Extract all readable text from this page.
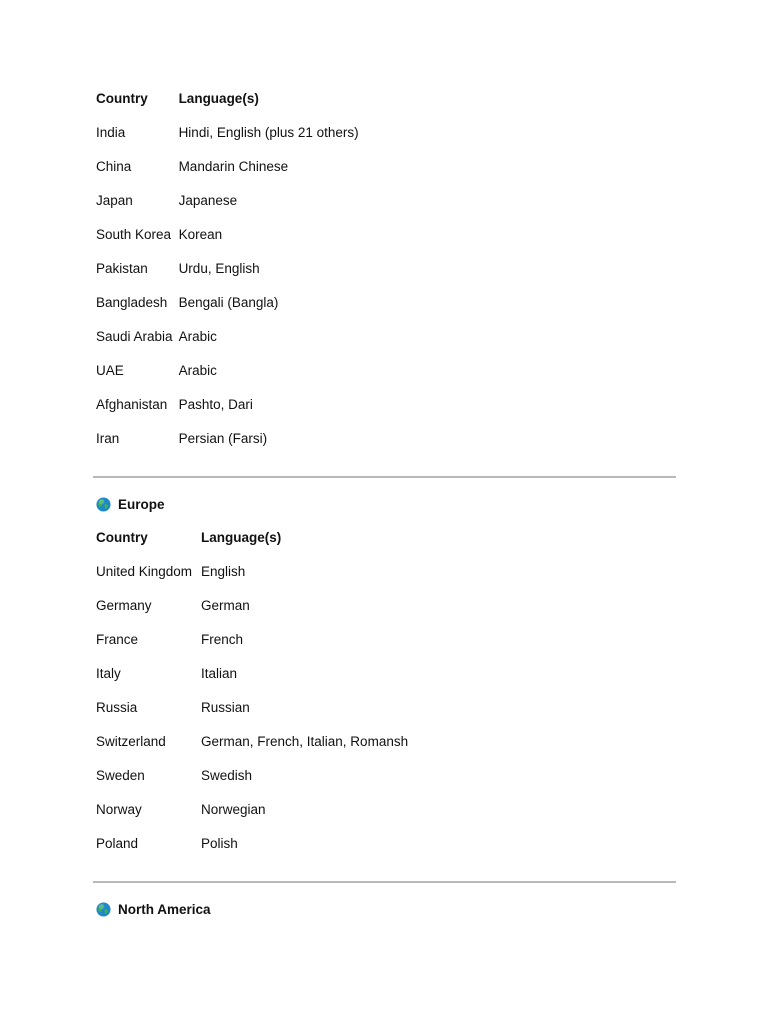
Country	Language(s)
India	Hindi, English (plus 21 others)
China	Mandarin Chinese
Japan	Japanese
South Korea	Korean
Pakistan	Urdu, English
Bangladesh	Bengali (Bangla)
Saudi Arabia	Arabic
UAE	Arabic
Afghanistan	Pashto, Dari
Iran	Persian (Farsi)
Europe
Country	Language(s)
United Kingdom	English
Germany	German
France	French
Italy	Italian
Russia	Russian
Switzerland	German, French, Italian, Romansh
Sweden	Swedish
Norway	Norwegian
Poland	Polish
North America
